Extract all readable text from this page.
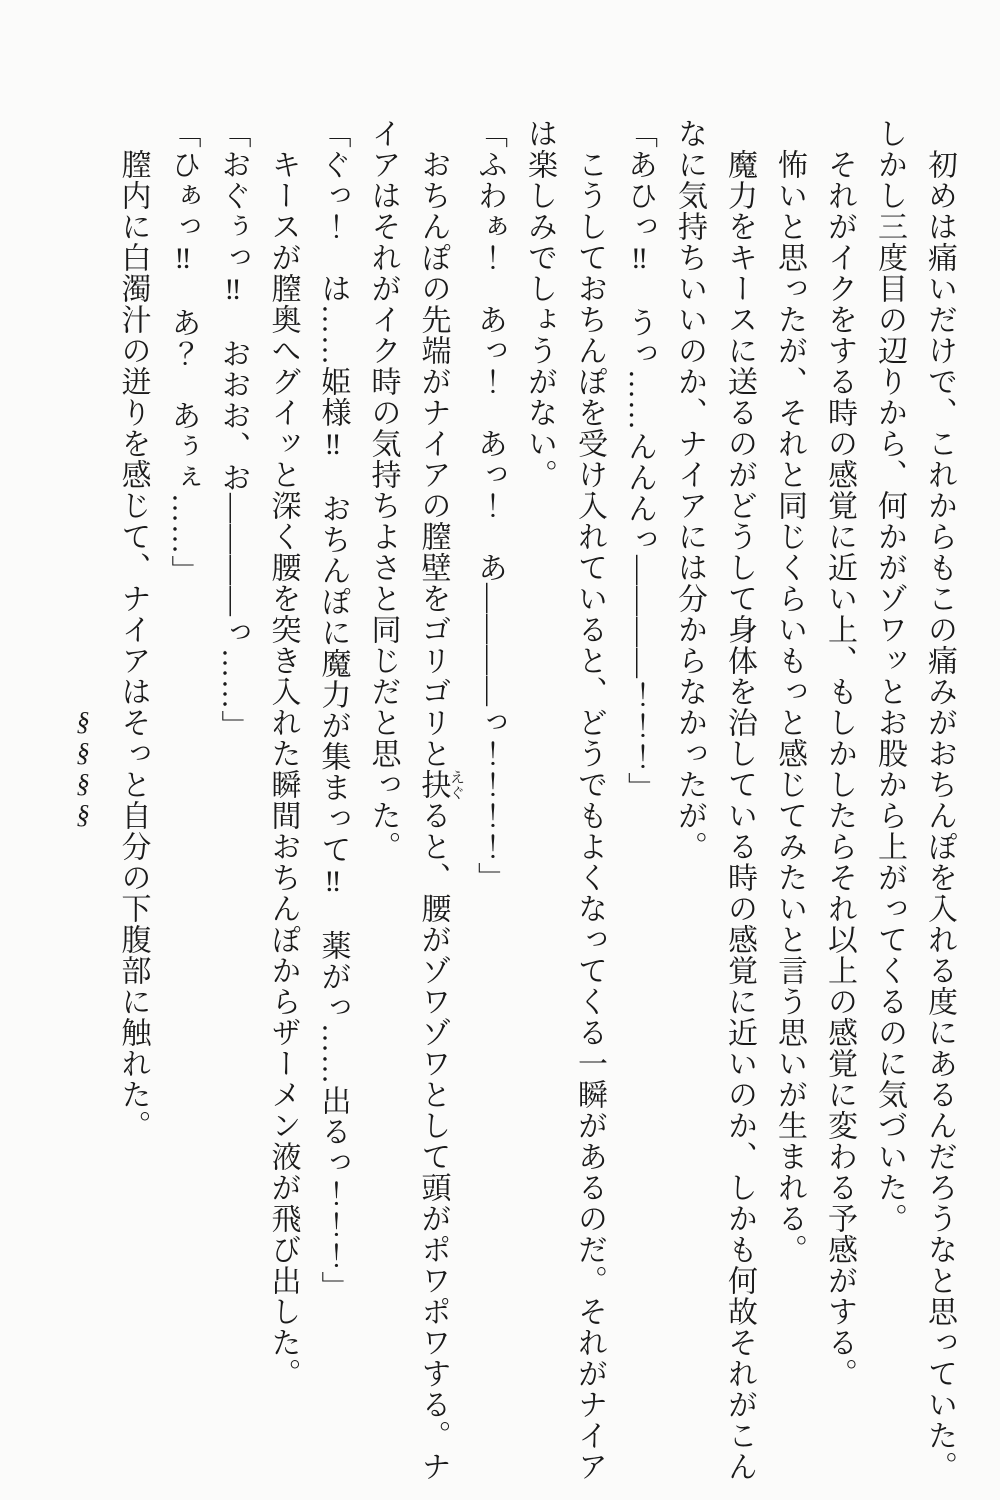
初めは痛いだけで、これからもこの痛みがおちんぽを入れる度にあるんだろうなと思っていた。しかし三度目の辺りから、何かがゾワッとお股から上がってくるのに気づいた。

それがイクをする時の感覚に近い上、もしかしたらそれ以上の感覚に変わる予感がする。

怖いと思ったが、それと同じくらいもっと感じてみたいと言う思いが生まれる。

魔力をキースに送るのがどうして身体を治している時の感覚に近いのか、しかも何故それがこんなに気持ちいいのか、ナイアには分からなかったが。

「あひっ‼　うっ……んんんっ――――！！！」

こうしておちんぽを受け入れていると、どうでもよくなってくる一瞬があるのだ。それがナイアは楽しみでしょうがない。

「ふわぁ！　あっ！　あっ！　あ――――っ！！！！」

おちんぽの先端がナイアの膣壁をゴリゴリと抉えぐると、腰がゾワゾワとして頭がポワポワする。ナイアはそれがイク時の気持ちよさと同じだと思った。

「ぐっ！　は……姫様‼　おちんぽに魔力が集まって‼　薬がっ……出るっ！！！」

キースが膣奥へグイッと深く腰を突き入れた瞬間おちんぽからザーメン液が飛び出した。

「おぐぅっ‼　おおお、お――――っ……」

「ひぁっ‼　あ？　あぅぇ……」

膣内に白濁汁の迸りを感じて、ナイアはそっと自分の下腹部に触れた。

§§§§
